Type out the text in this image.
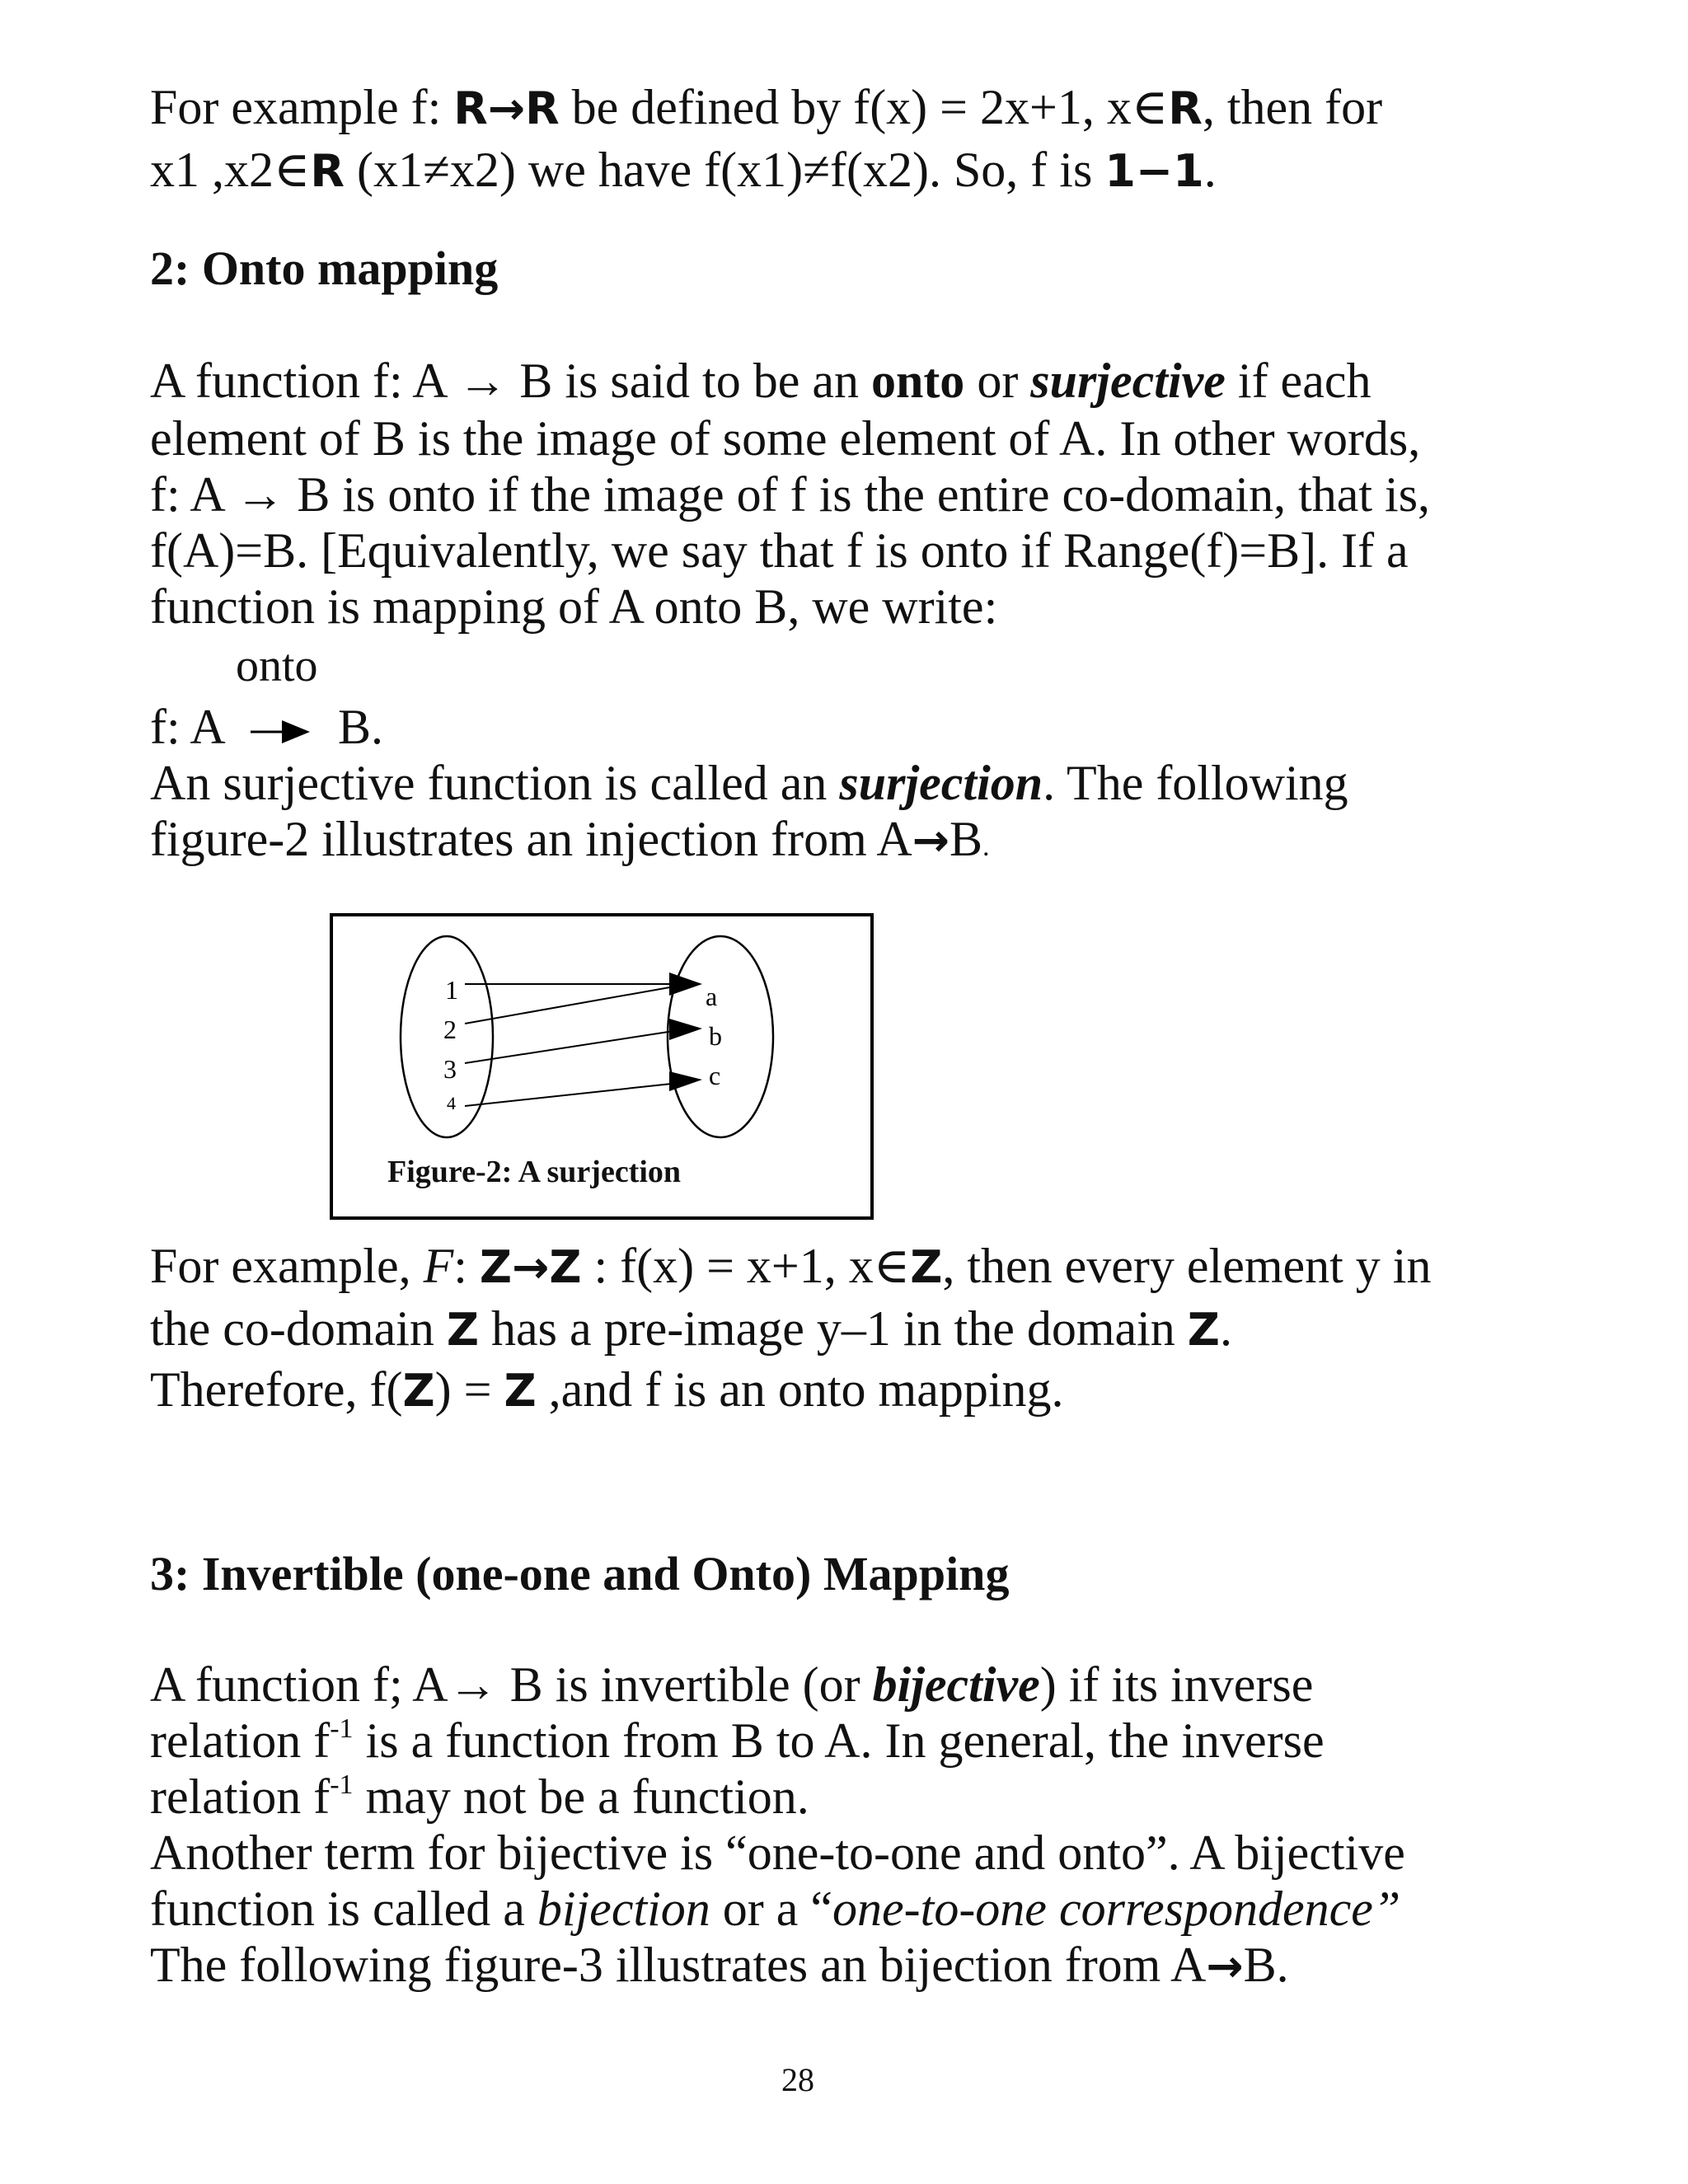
For example f: R→R be defined by f(x) = 2x+1, x∈R, then for
x1 ,x2∈R (x1≠x2) we have f(x1)≠f(x2). So, f is 1−1.
2: Onto mapping
A function f: A → B is said to be an onto or surjective if each
element of B is the image of some element of A. In other words,
f: A → B is onto if the image of f is the entire co-domain, that is,
f(A)=B. [Equivalently, we say that f is onto if Range(f)=B]. If a
function is mapping of A onto B, we write:
onto
f: A B.
An surjective function is called an surjection. The following
figure-2 illustrates an injection from A→B.
1
2
3
4
a
b
c
Figure-2: A surjection
For example, F: Z→Z : f(x) = x+1, x∈Z, then every element y in
the co-domain Z has a pre-image y–1 in the domain Z.
Therefore, f(Z) = Z ,and f is an onto mapping.
3: Invertible (one-one and Onto) Mapping
A function f; A→ B is invertible (or bijective) if its inverse
relation $f^{-1}$ is a function from B to A. In general, the inverse
relation $f^{-1}$ may not be a function.
Another term for bijective is “one-to-one and onto”. A bijective
function is called a bijection or a “one-to-one correspondence”
The following figure-3 illustrates an bijection from A→B.
28
